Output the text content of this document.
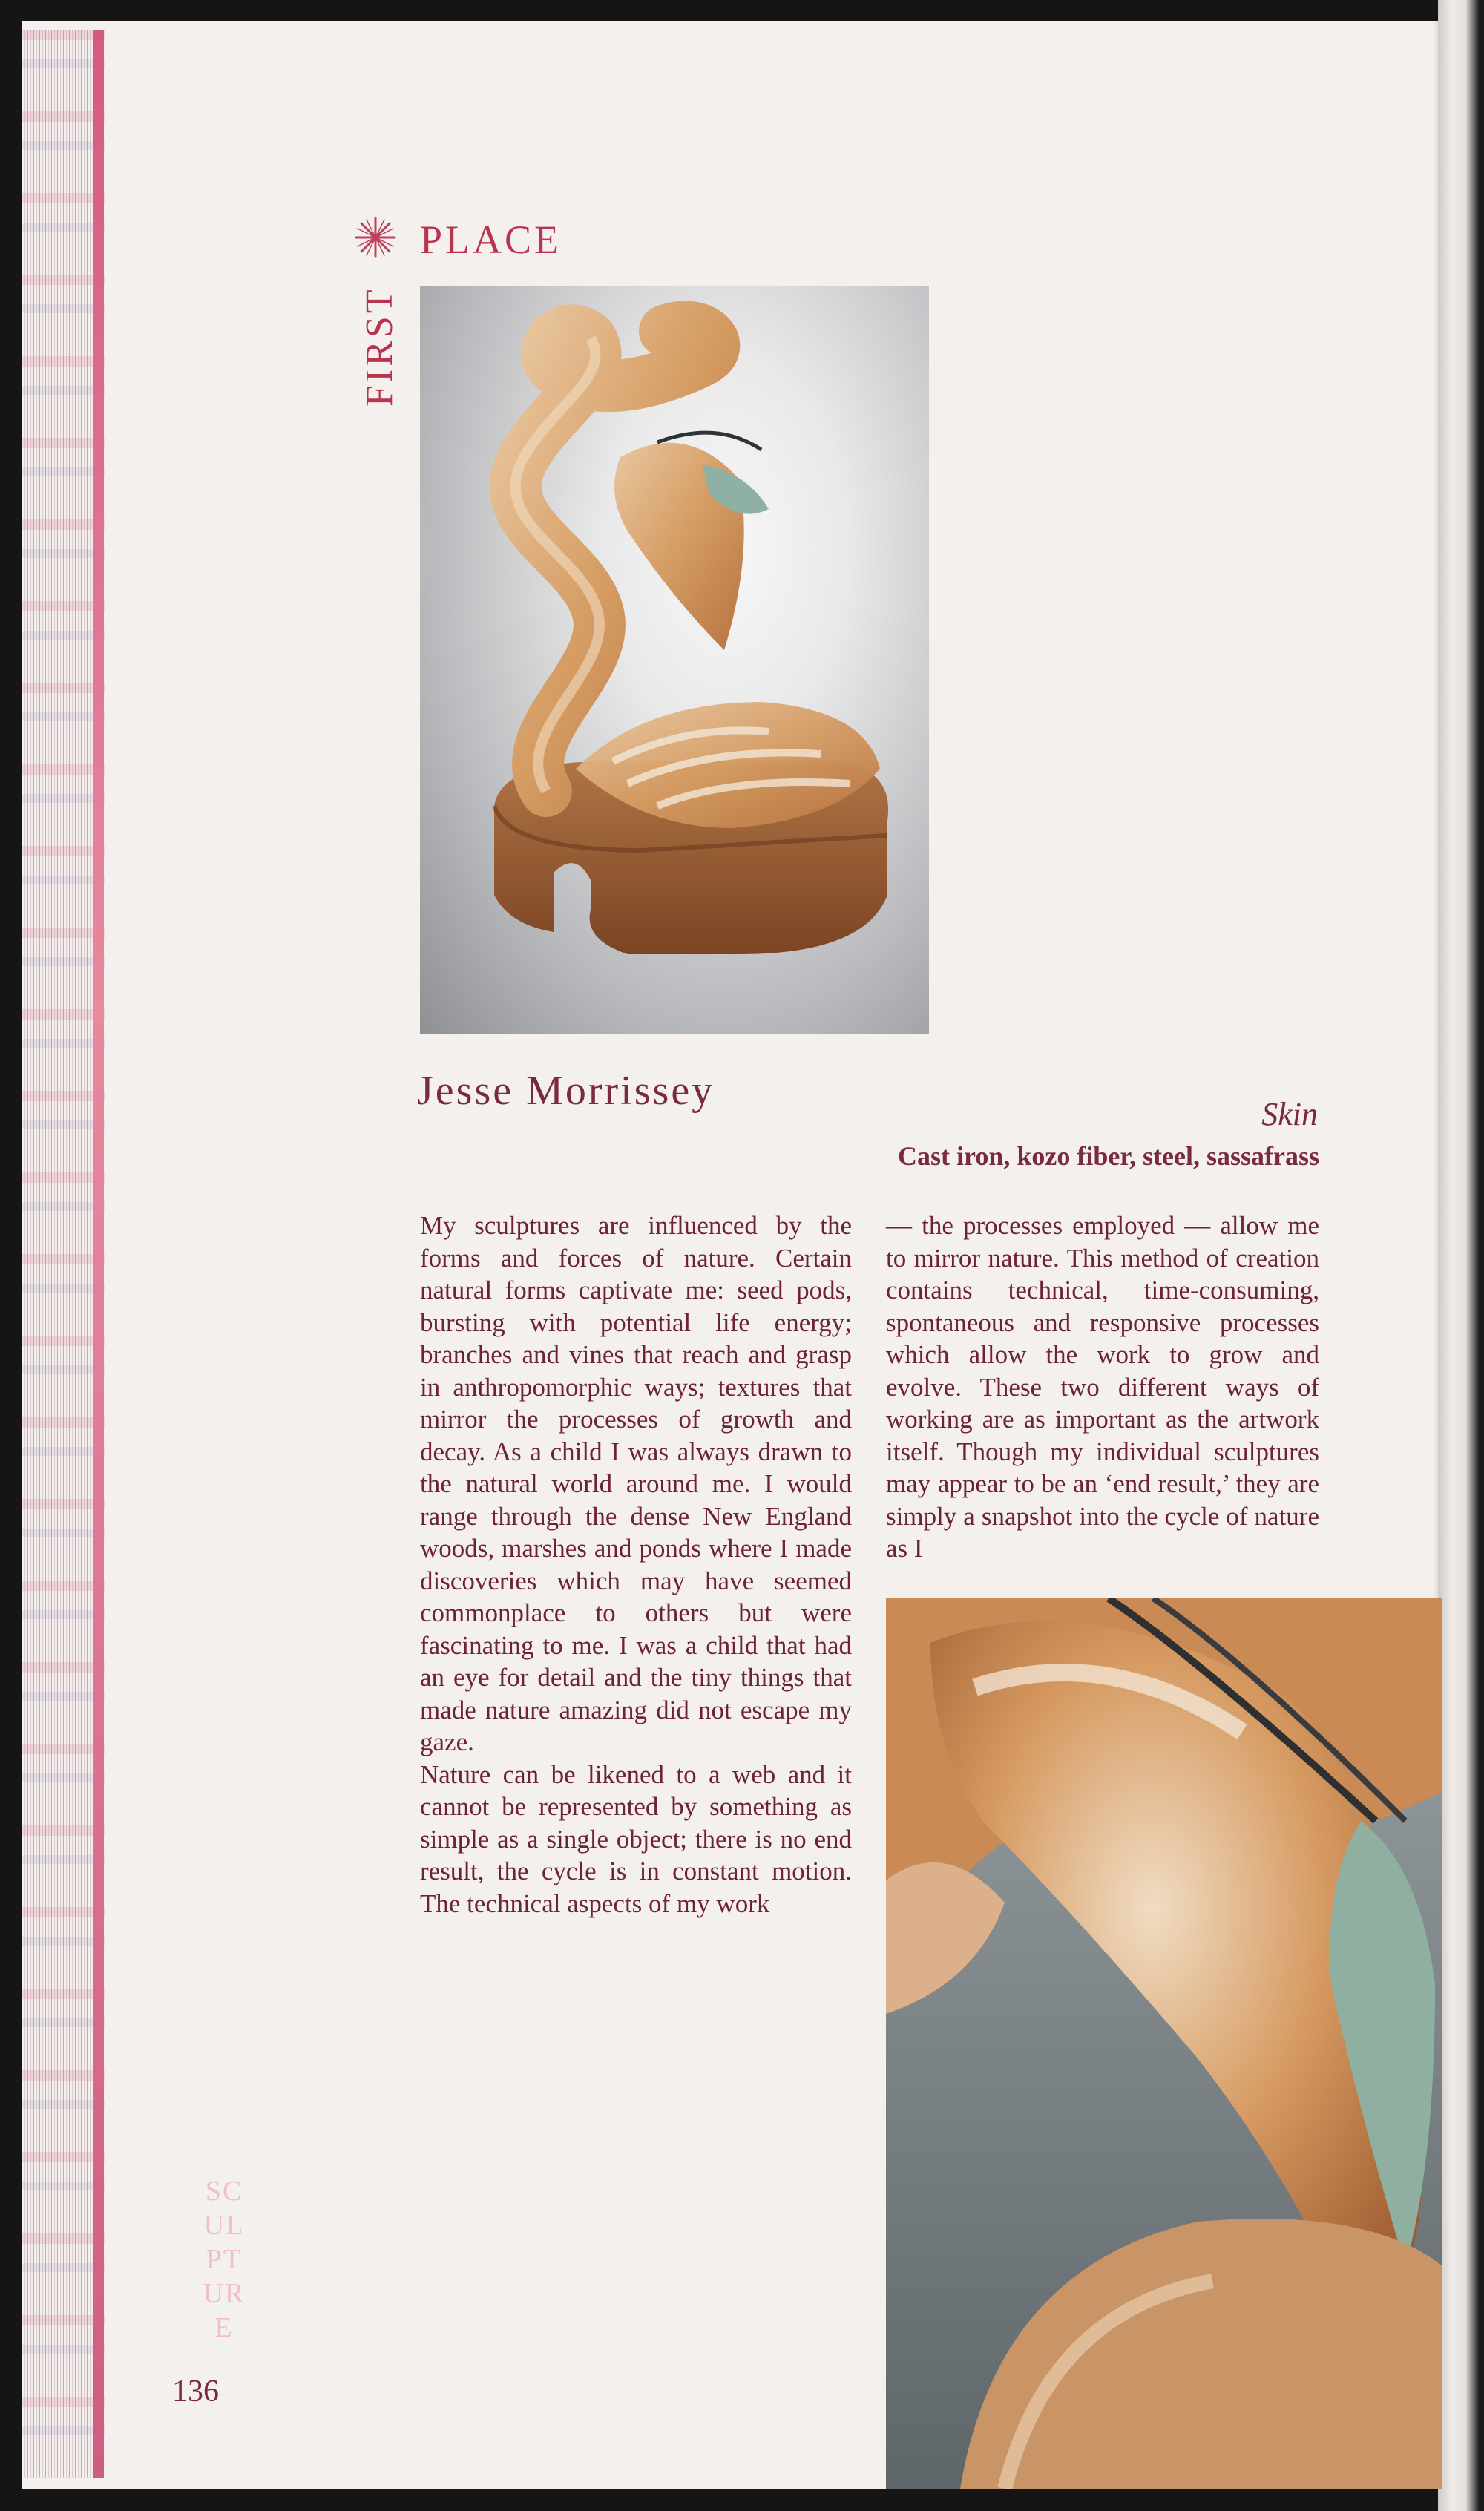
PLACE
FIRST
Jesse Morrissey
Skin
Cast iron, kozo fiber, steel, sassafrass

My sculptures are influenced by the forms and forces of nature. Certain natural forms captivate me: seed pods, bursting with potential life energy; branches and vines that reach and grasp in anthropomorphic ways; textures that mirror the processes of growth and decay. As a child I was always drawn to the natural world around me. I would range through the dense New England woods, marshes and ponds where I made discoveries which may have seemed commonplace to others but were fascinating to me. I was a child that had an eye for detail and the tiny things that made nature amazing did not escape my gaze.

Nature can be likened to a web and it cannot be represented by something as simple as a single object; there is no end result, the cycle is in constant motion. The technical aspects of my work

— the processes employed — allow me to mirror nature. This method of creation contains technical, time-consuming, spontaneous and responsive processes which allow the work to grow and evolve. These two different ways of working are as important as the artwork itself. Though my individual sculptures may appear to be an ‘end result,’ they are simply a snapshot into the cycle of nature as I

SC
UL
PT
UR
E
136
